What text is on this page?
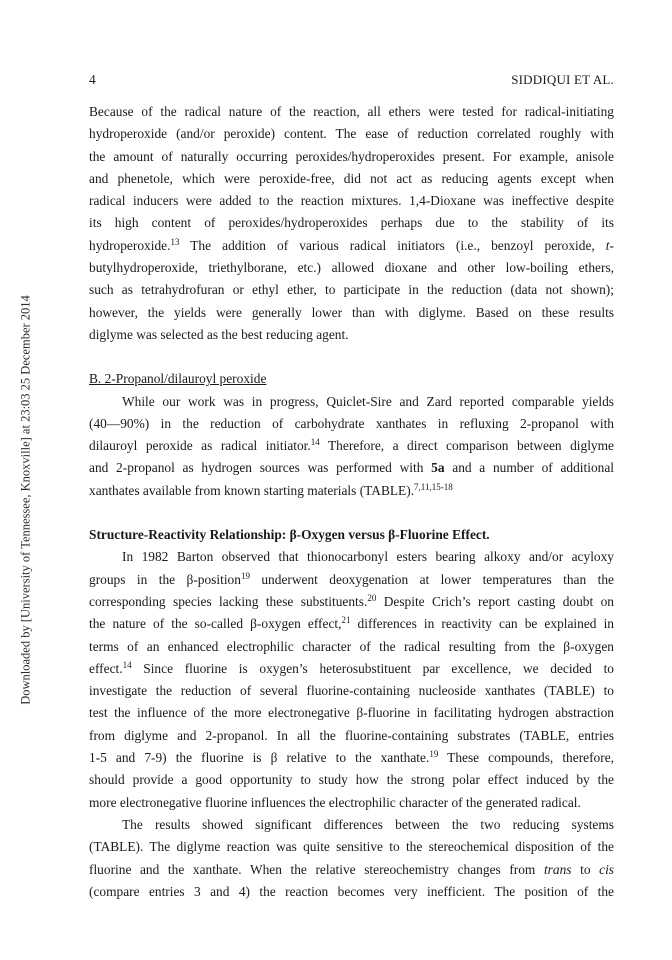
4	SIDDIQUI ET AL.
Downloaded by [University of Tennessee, Knoxville] at 23:03 25 December 2014
Because of the radical nature of the reaction, all ethers were tested for radical-initiating
hydroperoxide (and/or peroxide) content. The ease of reduction correlated roughly with
the amount of naturally occurring peroxides/hydroperoxides present. For example, anisole
and phenetole, which were peroxide-free, did not act as reducing agents except when
radical inducers were added to the reaction mixtures. 1,4-Dioxane was ineffective despite
its high content of peroxides/hydroperoxides perhaps due to the stability of its
hydroperoxide.$^{13}$ The addition of various radical initiators (i.e., benzoyl peroxide, t-
butylhydroperoxide, triethylborane, etc.) allowed dioxane and other low-boiling ethers,
such as tetrahydrofuran or ethyl ether, to participate in the reduction (data not shown);
however, the yields were generally lower than with diglyme. Based on these results
diglyme was selected as the best reducing agent.
B. 2-Propanol/dilauroyl peroxide
While our work was in progress, Quiclet-Sire and Zard reported comparable yields
(40—90%) in the reduction of carbohydrate xanthates in refluxing 2-propanol with
dilauroyl peroxide as radical initiator.$^{14}$ Therefore, a direct comparison between diglyme
and 2-propanol as hydrogen sources was performed with 5a and a number of additional
xanthates available from known starting materials (TABLE).$^{7,11,15-18}$
Structure-Reactivity Relationship: β-Oxygen versus β-Fluorine Effect.
In 1982 Barton observed that thionocarbonyl esters bearing alkoxy and/or acyloxy
groups in the β-position$^{19}$ underwent deoxygenation at lower temperatures than the
corresponding species lacking these substituents.$^{20}$ Despite Crich’s report casting doubt on
the nature of the so-called β-oxygen effect,$^{21}$ differences in reactivity can be explained in
terms of an enhanced electrophilic character of the radical resulting from the β-oxygen
effect.$^{14}$ Since fluorine is oxygen’s heterosubstituent par excellence, we decided to
investigate the reduction of several fluorine-containing nucleoside xanthates (TABLE) to
test the influence of the more electronegative β-fluorine in facilitating hydrogen abstraction
from diglyme and 2-propanol. In all the fluorine-containing substrates (TABLE, entries
1-5 and 7-9) the fluorine is β relative to the xanthate.$^{19}$ These compounds, therefore,
should provide a good opportunity to study how the strong polar effect induced by the
more electronegative fluorine influences the electrophilic character of the generated radical.
The results showed significant differences between the two reducing systems
(TABLE). The diglyme reaction was quite sensitive to the stereochemical disposition of the
fluorine and the xanthate. When the relative stereochemistry changes from trans to cis
(compare entries 3 and 4) the reaction becomes very inefficient. The position of the
